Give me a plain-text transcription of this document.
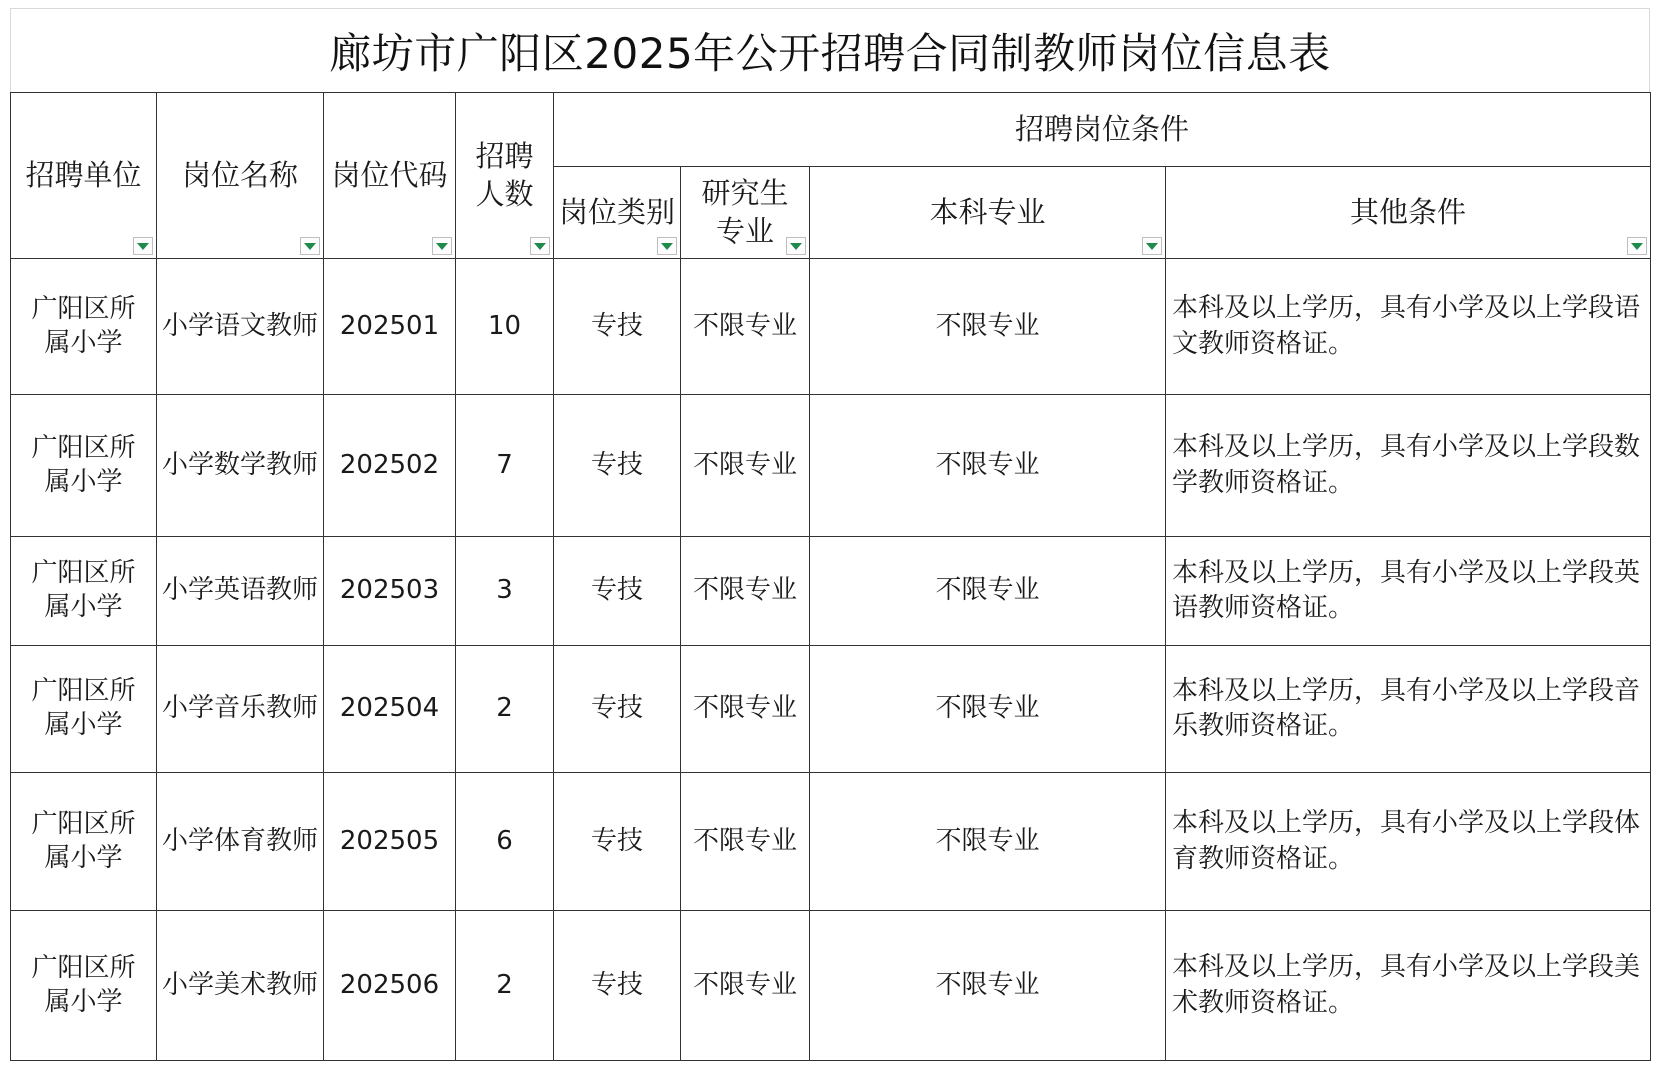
廊坊市广阳区2025年公开招聘合同制教师岗位信息表
招聘单位	岗位名称	岗位代码	招聘人数	招聘岗位条件			
				岗位类别	研究生专业	本科专业	其他条件

广阳区所属小学	小学语文教师	202501	10	专技	不限专业	不限专业	本科及以上学历，具有小学及以上学段语文教师资格证。
广阳区所属小学	小学数学教师	202502	7	专技	不限专业	不限专业	本科及以上学历，具有小学及以上学段数学教师资格证。
广阳区所属小学	小学英语教师	202503	3	专技	不限专业	不限专业	本科及以上学历，具有小学及以上学段英语教师资格证。
广阳区所属小学	小学音乐教师	202504	2	专技	不限专业	不限专业	本科及以上学历，具有小学及以上学段音乐教师资格证。
广阳区所属小学	小学体育教师	202505	6	专技	不限专业	不限专业	本科及以上学历，具有小学及以上学段体育教师资格证。
广阳区所属小学	小学美术教师	202506	2	专技	不限专业	不限专业	本科及以上学历，具有小学及以上学段美术教师资格证。
